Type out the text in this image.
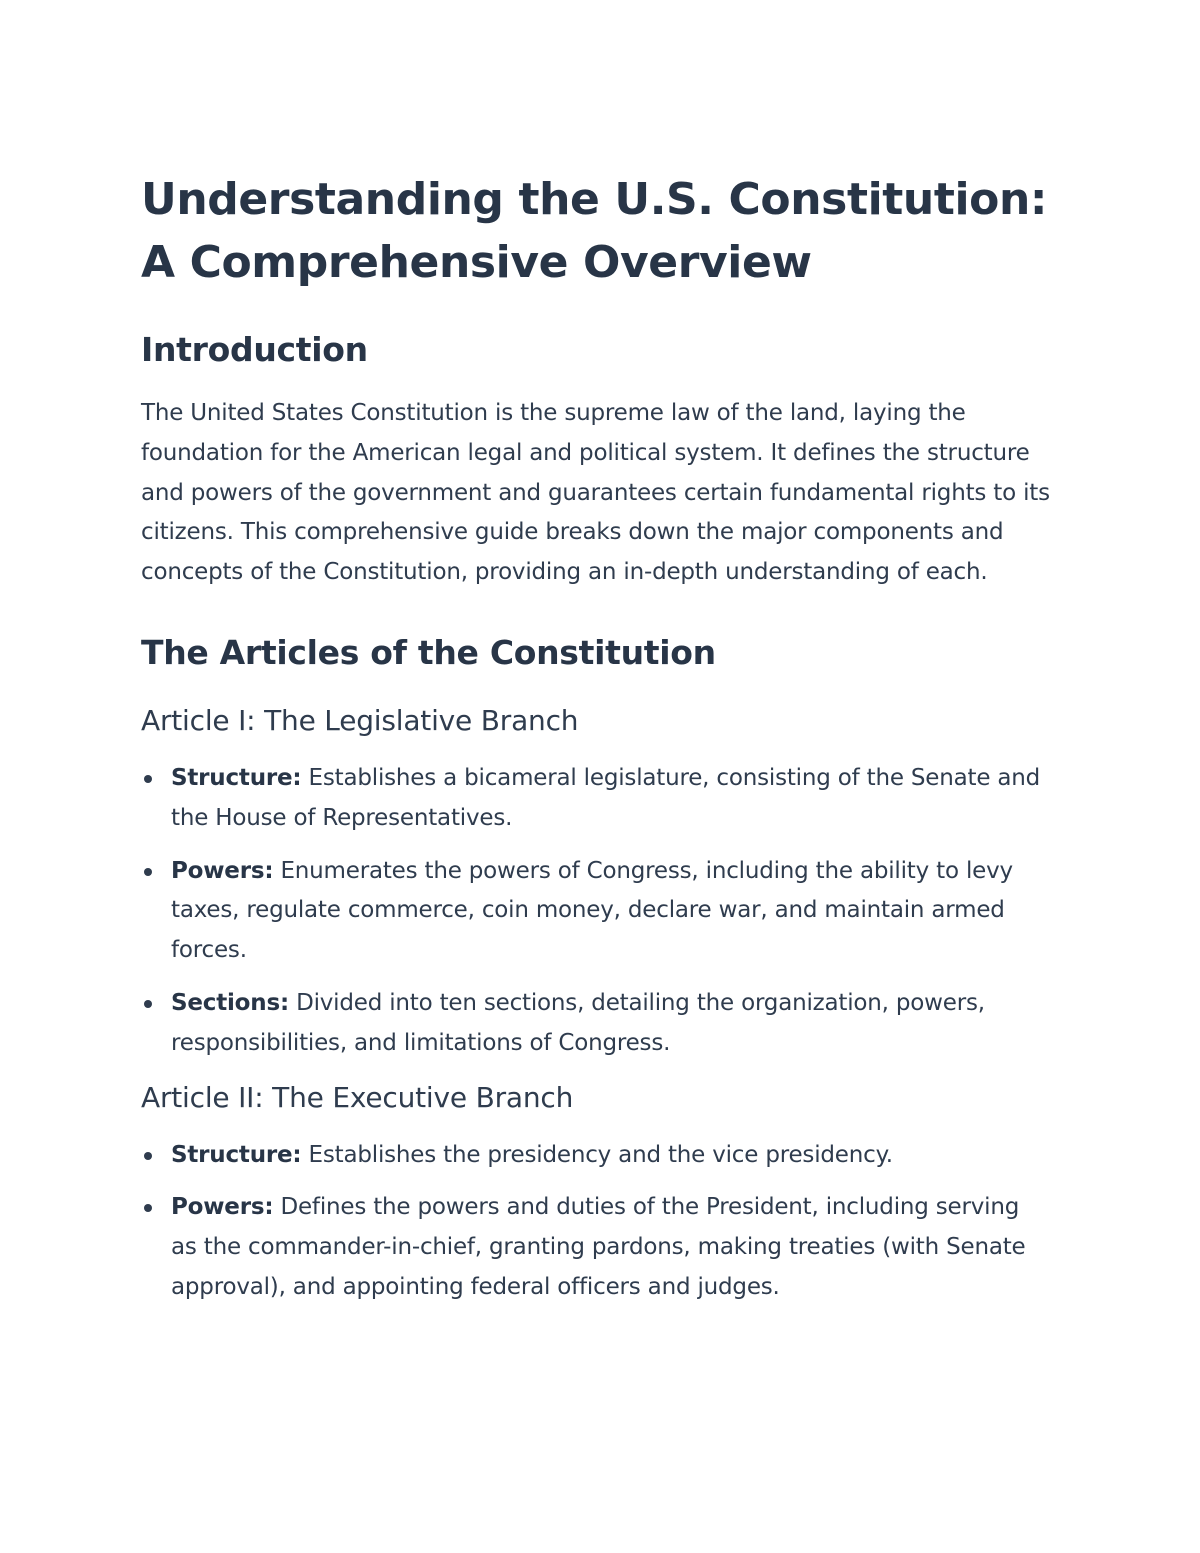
Understanding the U.S. Constitution: A Comprehensive Overview
Introduction

The United States Constitution is the supreme law of the land, laying the foundation for the American legal and political system. It defines the structure and powers of the government and guarantees certain fundamental rights to its citizens. This comprehensive guide breaks down the major components and concepts of the Constitution, providing an in-depth understanding of each.

The Articles of the Constitution
Article I: The Legislative Branch
Structure: Establishes a bicameral legislature, consisting of the Senate and the House of Representatives.
Powers: Enumerates the powers of Congress, including the ability to levy taxes, regulate commerce, coin money, declare war, and maintain armed forces.
Sections: Divided into ten sections, detailing the organization, powers, responsibilities, and limitations of Congress.
Article II: The Executive Branch
Structure: Establishes the presidency and the vice presidency.
Powers: Defines the powers and duties of the President, including serving as the commander-in-chief, granting pardons, making treaties (with Senate approval), and appointing federal officers and judges.
